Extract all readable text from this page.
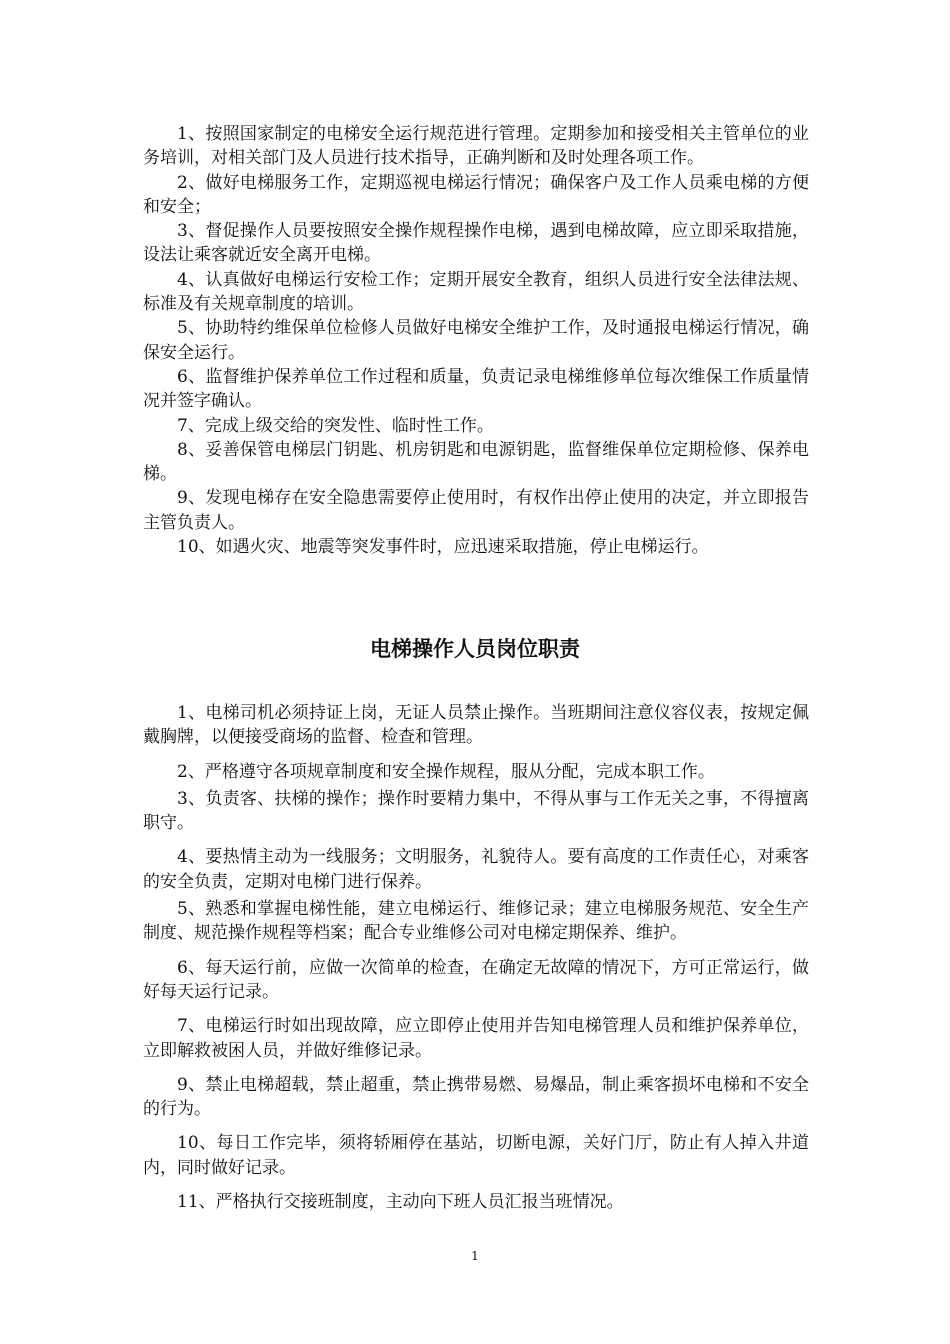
1、按照国家制定的电梯安全运行规范进行管理。定期参加和接受相关主管单位的业务培训，对相关部门及人员进行技术指导，正确判断和及时处理各项工作。

2、做好电梯服务工作，定期巡视电梯运行情况；确保客户及工作人员乘电梯的方便和安全；

3、督促操作人员要按照安全操作规程操作电梯，遇到电梯故障，应立即采取措施，设法让乘客就近安全离开电梯。

4、认真做好电梯运行安检工作；定期开展安全教育，组织人员进行安全法律法规、标准及有关规章制度的培训。

5、协助特约维保单位检修人员做好电梯安全维护工作，及时通报电梯运行情况，确保安全运行。

6、监督维护保养单位工作过程和质量，负责记录电梯维修单位每次维保工作质量情况并签字确认。

7、完成上级交给的突发性、临时性工作。

8、妥善保管电梯层门钥匙、机房钥匙和电源钥匙，监督维保单位定期检修、保养电梯。

9、发现电梯存在安全隐患需要停止使用时，有权作出停止使用的决定，并立即报告主管负责人。

10、如遇火灾、地震等突发事件时，应迅速采取措施，停止电梯运行。

电梯操作人员岗位职责

1、电梯司机必须持证上岗，无证人员禁止操作。当班期间注意仪容仪表，按规定佩戴胸牌，以便接受商场的监督、检查和管理。

2、严格遵守各项规章制度和安全操作规程，服从分配，完成本职工作。

3、负责客、扶梯的操作；操作时要精力集中，不得从事与工作无关之事，不得擅离职守。

4、要热情主动为一线服务；文明服务，礼貌待人。要有高度的工作责任心，对乘客的安全负责，定期对电梯门进行保养。

5、熟悉和掌握电梯性能，建立电梯运行、维修记录；建立电梯服务规范、安全生产制度、规范操作规程等档案；配合专业维修公司对电梯定期保养、维护。

6、每天运行前，应做一次简单的检查，在确定无故障的情况下，方可正常运行，做好每天运行记录。

7、电梯运行时如出现故障，应立即停止使用并告知电梯管理人员和维护保养单位，立即解救被困人员，并做好维修记录。

9、禁止电梯超载，禁止超重，禁止携带易燃、易爆品，制止乘客损坏电梯和不安全的行为。

10、每日工作完毕，须将轿厢停在基站，切断电源，关好门厅，防止有人掉入井道内，同时做好记录。

11、严格执行交接班制度，主动向下班人员汇报当班情况。

1
